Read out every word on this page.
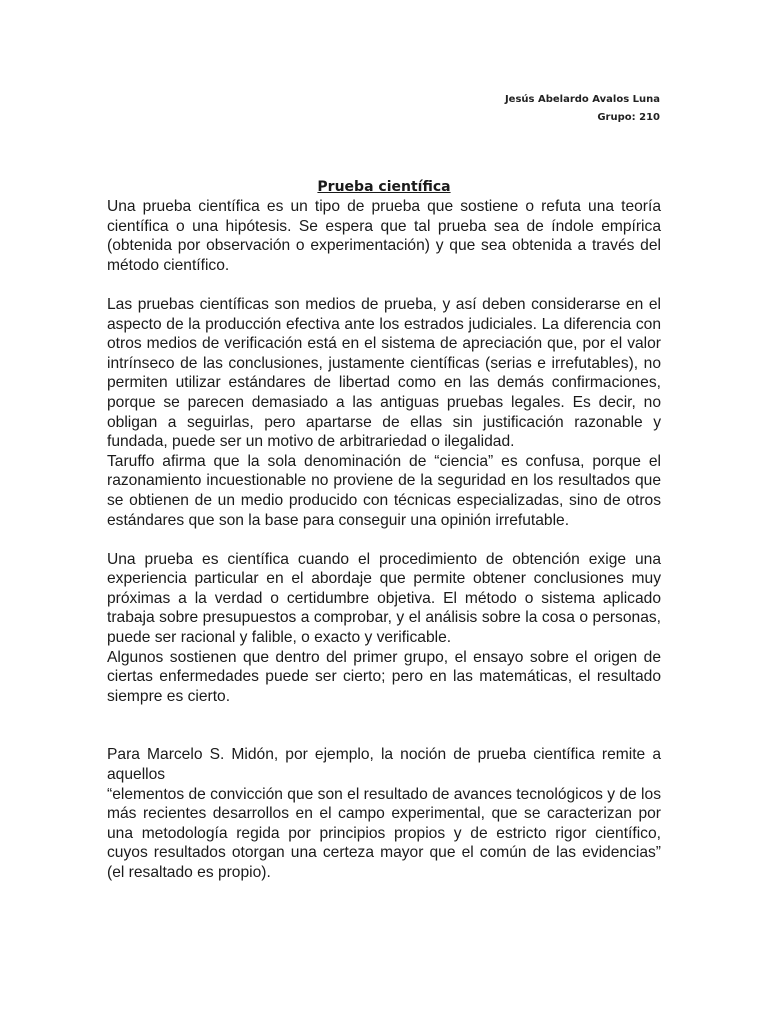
Jesús Abelardo Avalos Luna
Grupo: 210
Prueba científica

Una prueba científica es un tipo de prueba que sostiene o refuta una teoría científica o una hipótesis. Se espera que tal prueba sea de índole empírica (obtenida por observación o experimentación) y que sea obtenida a través del método científico.

Las pruebas científicas son medios de prueba, y así deben considerarse en el aspecto de la producción efectiva ante los estrados judiciales. La diferencia con otros medios de verificación está en el sistema de apreciación que, por el valor intrínseco de las conclusiones, justamente científicas (serias e irrefutables), no permiten utilizar estándares de libertad como en las demás confirmaciones, porque se parecen demasiado a las antiguas pruebas legales. Es decir, no obligan a seguirlas, pero apartarse de ellas sin justificación razonable y fundada, puede ser un motivo de arbitrariedad o ilegalidad.

Taruffo afirma que la sola denominación de “ciencia” es confusa, porque el razonamiento incuestionable no proviene de la seguridad en los resultados que se obtienen de un medio producido con técnicas especializadas, sino de otros estándares que son la base para conseguir una opinión irrefutable.

Una prueba es científica cuando el procedimiento de obtención exige una experiencia particular en el abordaje que permite obtener conclusiones muy próximas a la verdad o certidumbre objetiva. El método o sistema aplicado trabaja sobre presupuestos a comprobar, y el análisis sobre la cosa o personas, puede ser racional y falible, o exacto y verificable.

Algunos sostienen que dentro del primer grupo, el ensayo sobre el origen de ciertas enfermedades puede ser cierto; pero en las matemáticas, el resultado siempre es cierto.

Para Marcelo S. Midón, por ejemplo, la noción de prueba científica remite a aquellos

“elementos de convicción que son el resultado de avances tecnológicos y de los más recientes desarrollos en el campo experimental, que se caracterizan por una metodología regida por principios propios y de estricto rigor científico, cuyos resultados otorgan una certeza mayor que el común de las evidencias” (el resaltado es propio).
